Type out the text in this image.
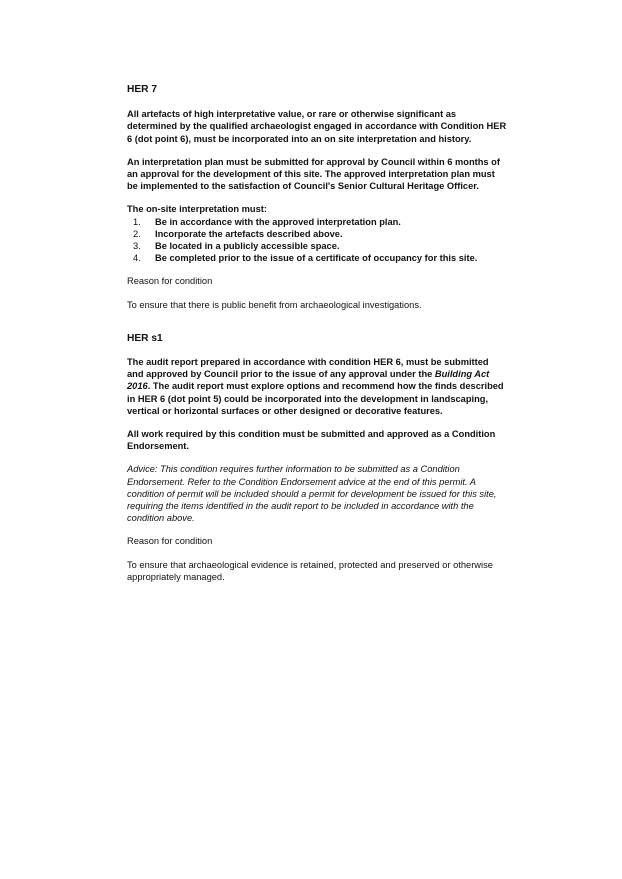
HER 7

All artefacts of high interpretative value, or rare or otherwise significant as determined by the qualified archaeologist engaged in accordance with Condition HER 6 (dot point 6), must be incorporated into an on site interpretation and history.

An interpretation plan must be submitted for approval by Council within 6 months of an approval for the development of this site. The approved interpretation plan must be implemented to the satisfaction of Council's Senior Cultural Heritage Officer.

The on-site interpretation must:

1.	Be in accordance with the approved interpretation plan.
2.	Incorporate the artefacts described above.
3.	Be located in a publicly accessible space.
4.	Be completed prior to the issue of a certificate of occupancy for this site.

Reason for condition

To ensure that there is public benefit from archaeological investigations.

HER s1

The audit report prepared in accordance with condition HER 6, must be submitted and approved by Council prior to the issue of any approval under the Building Act 2016. The audit report must explore options and recommend how the finds described in HER 6 (dot point 5) could be incorporated into the development in landscaping, vertical or horizontal surfaces or other designed or decorative features.

All work required by this condition must be submitted and approved as a Condition Endorsement.

Advice: This condition requires further information to be submitted as a Condition Endorsement. Refer to the Condition Endorsement advice at the end of this permit. A condition of permit will be included should a permit for development be issued for this site, requiring the items identified in the audit report to be included in accordance with the condition above.

Reason for condition

To ensure that archaeological evidence is retained, protected and preserved or otherwise appropriately managed.
